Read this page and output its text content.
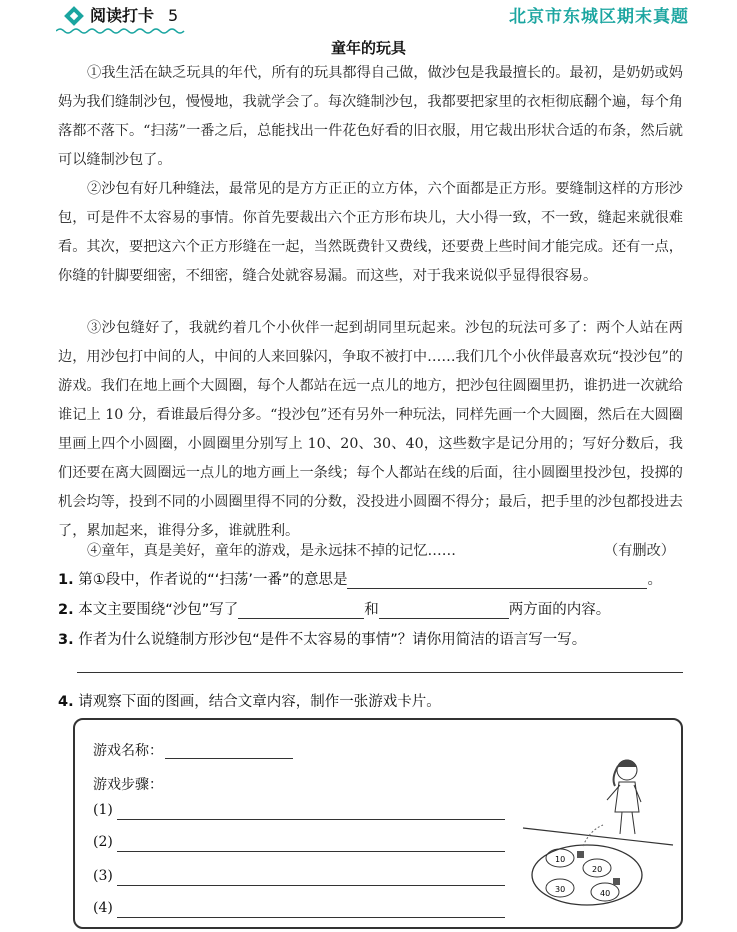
阅读打卡 5	北京市东城区期末真题
童年的玩具

①我生活在缺乏玩具的年代，所有的玩具都得自己做，做沙包是我最擅长的。最初，是奶奶或妈妈为我们缝制沙包，慢慢地，我就学会了。每次缝制沙包，我都要把家里的衣柜彻底翻个遍，每个角落都不落下。“扫荡”一番之后，总能找出一件花色好看的旧衣服，用它裁出形状合适的布条，然后就可以缝制沙包了。

②沙包有好几种缝法，最常见的是方方正正的立方体，六个面都是正方形。要缝制这样的方形沙包，可是件不太容易的事情。你首先要裁出六个正方形布块儿，大小得一致，不一致，缝起来就很难看。其次，要把这六个正方形缝在一起，当然既费针又费线，还要费上些时间才能完成。还有一点，你缝的针脚要细密，不细密，缝合处就容易漏。而这些，对于我来说似乎显得很容易。

③沙包缝好了，我就约着几个小伙伴一起到胡同里玩起来。沙包的玩法可多了：两个人站在两边，用沙包打中间的人，中间的人来回躲闪，争取不被打中……我们几个小伙伴最喜欢玩“投沙包”的游戏。我们在地上画个大圆圈，每个人都站在远一点儿的地方，把沙包往圆圈里扔，谁扔进一次就给谁记上 10 分，看谁最后得分多。“投沙包”还有另外一种玩法，同样先画一个大圆圈，然后在大圆圈里画上四个小圆圈，小圆圈里分别写上 10、20、30、40，这些数字是记分用的；写好分数后，我们还要在离大圆圈远一点儿的地方画上一条线；每个人都站在线的后面，往小圆圈里投沙包，投掷的机会均等，投到不同的小圆圈里得不同的分数，没投进小圆圈不得分；最后，把手里的沙包都投进去了，累加起来，谁得分多，谁就胜利。

④童年，真是美好，童年的游戏，是永远抹不掉的记忆……	（有删改）

1. 第①段中，作者说的“‘扫荡’一番”的意思是	。
2. 本文主要围绕“沙包”写了	和	两方面的内容。
3. 作者为什么说缝制方形沙包“是件不太容易的事情”？请你用简洁的语言写一写。
4. 请观察下面的图画，结合文章内容，制作一张游戏卡片。
游戏名称：
游戏步骤：
(1)
(2)
(3)
(4)
10
20
30	40
